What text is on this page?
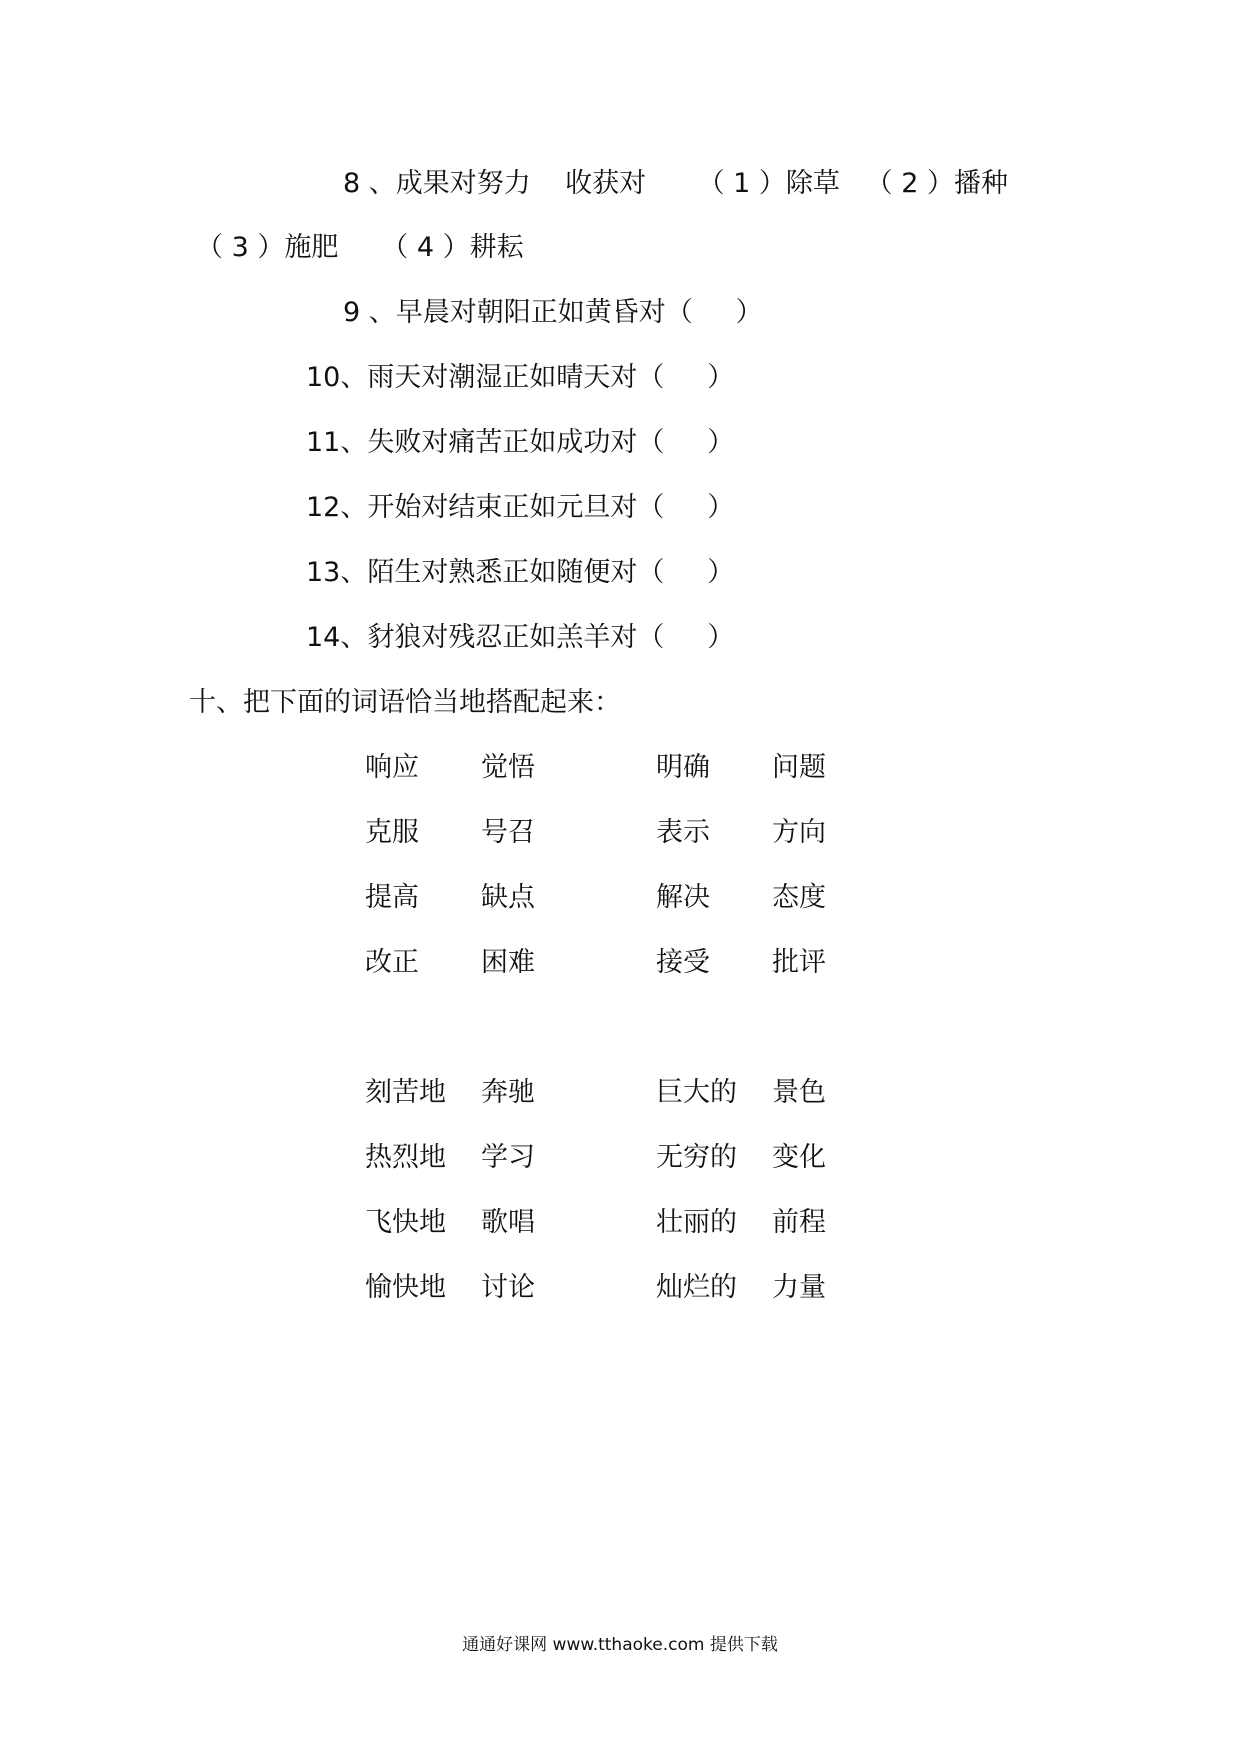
8 、成果对努力    收获对      （ 1 ）除草   （ 2 ）播种
（ 3 ）施肥     （ 4 ）耕耘
9 、早晨对朝阳正如黄昏对（     ）
10、雨天对潮湿正如晴天对（     ）
11、失败对痛苦正如成功对（     ）
12、开始对结束正如元旦对（     ）
13、陌生对熟悉正如随便对（     ）
14、豺狼对残忍正如羔羊对（     ）
十、把下面的词语恰当地搭配起来：
响应 觉悟	明确 问题
克服 号召	表示 方向
提高 缺点	解决 态度
改正 困难	接受 批评
刻苦地 奔驰	巨大的 景色
热烈地 学习	无穷的 变化
飞快地 歌唱	壮丽的 前程
愉快地 讨论	灿烂的 力量
通通好课网 www.tthaoke.com 提供下载
